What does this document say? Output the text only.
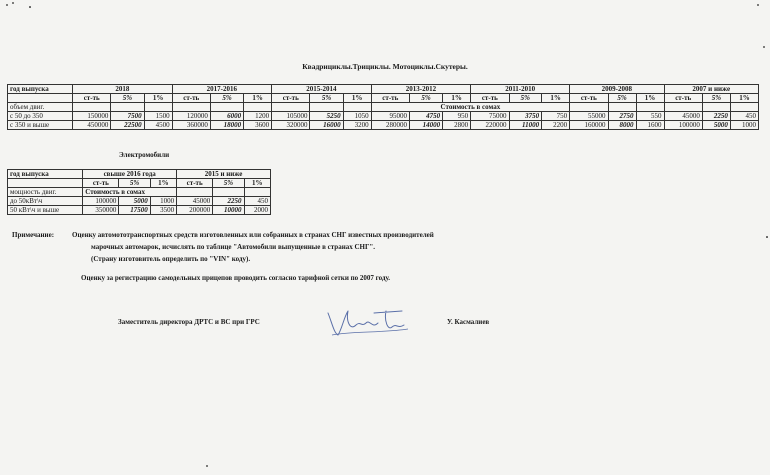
Квадрициклы.Трициклы. Мотоциклы.Скутеры.
год выпуска	2018			2017-2016			2015-2014			2013-2012			2011-2010			2009-2008			2007 и ниже		
	ст-ть	5%	1%	ст-ть	5%	1%	ст-ть	5%	1%	ст-ть	5%	1%	ст-ть	5%	1%	ст-ть	5%	1%	ст-ть	5%	1%
объем двиг.										Стоимость в сомах											
с 50 до 350	150000	7500	1500	120000	6000	1200	105000	5250	1050	95000	4750	950	75000	3750	750	55000	2750	550	45000	2250	450
с 350 и выше	450000	22500	4500	360000	18000	3600	320000	16000	3200	280000	14000	2800	220000	11000	2200	160000	8000	1600	100000	5000	1000
Электромобили
год выпуска	свыше 2016 года			2015 и ниже		
	ст-ть	5%	1%	ст-ть	5%	1%
мощность двиг.	Стоимость в сомах					
до 50кВт\ч	100000	5000	1000	45000	2250	450
50 кВт\ч и выше	350000	17500	3500	200000	10000	2000
Примечание:	Оценку автомототранспортных средств изготовленных или собранных в странах СНГ известных производителей
марочных автомарок, исчислять по таблице "Автомобили выпущенные в странах СНГ".
(Страну изготовитель определить по "VIN" коду).
Оценку за регистрацию самодельных прицепов проводить согласно тарифной сетки по 2007 году.
Заместитель директора ДРТС и ВС при ГРС	У. Касмалиев
